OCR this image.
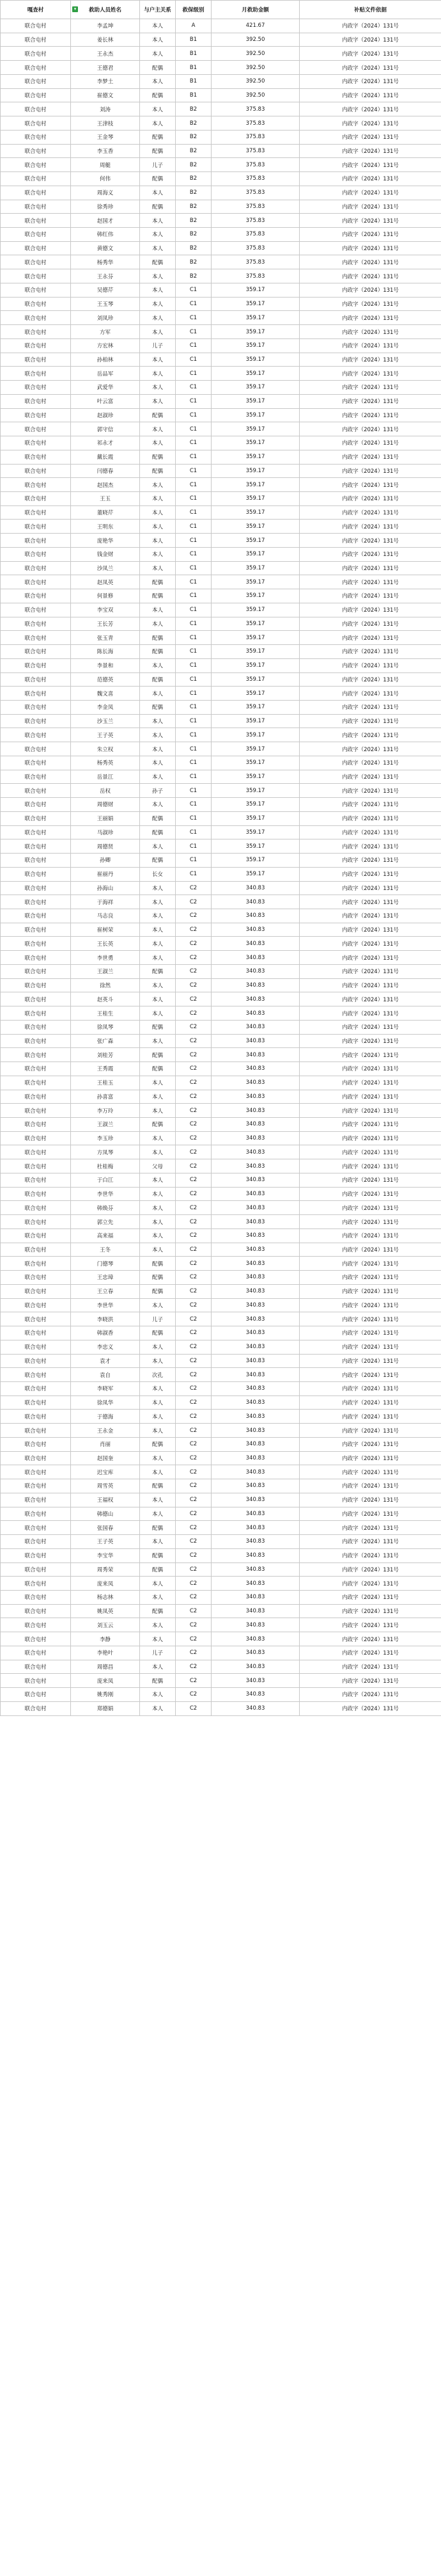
嘎查村	▾ 救助人员姓名	与户主关系	救保级别	月救助金额	补贴文件依据
联合屯村	李孟坤	本人	A	421.67	内政字（2024）131号
联合屯村	姜长林	本人	B1	392.50	内政字（2024）131号
联合屯村	王永杰	本人	B1	392.50	内政字（2024）131号
联合屯村	王德君	配偶	B1	392.50	内政字（2024）131号
联合屯村	李梦土	本人	B1	392.50	内政字（2024）131号
联合屯村	崔德文	配偶	B1	392.50	内政字（2024）131号
联合屯村	刘涛	本人	B2	375.83	内政字（2024）131号
联合屯村	王津枝	本人	B2	375.83	内政字（2024）131号
联合屯村	王金琴	配偶	B2	375.83	内政字（2024）131号
联合屯村	李玉香	配偶	B2	375.83	内政字（2024）131号
联合屯村	周艇	儿子	B2	375.83	内政字（2024）131号
联合屯村	何伟	配偶	B2	375.83	内政字（2024）131号
联合屯村	周海义	本人	B2	375.83	内政字（2024）131号
联合屯村	徐秀珍	配偶	B2	375.83	内政字（2024）131号
联合屯村	赵国才	本人	B2	375.83	内政字（2024）131号
联合屯村	韩红伟	本人	B2	375.83	内政字（2024）131号
联合屯村	黄德文	本人	B2	375.83	内政字（2024）131号
联合屯村	杨秀华	配偶	B2	375.83	内政字（2024）131号
联合屯村	王永芬	本人	B2	375.83	内政字（2024）131号
联合屯村	吴德芹	本人	C1	359.17	内政字（2024）131号
联合屯村	王玉琴	本人	C1	359.17	内政字（2024）131号
联合屯村	刘凤珍	本人	C1	359.17	内政字（2024）131号
联合屯村	方军	本人	C1	359.17	内政字（2024）131号
联合屯村	方宏林	儿子	C1	359.17	内政字（2024）131号
联合屯村	孙柏林	本人	C1	359.17	内政字（2024）131号
联合屯村	岳品军	本人	C1	359.17	内政字（2024）131号
联合屯村	武爱华	本人	C1	359.17	内政字（2024）131号
联合屯村	叶云富	本人	C1	359.17	内政字（2024）131号
联合屯村	赵淑珍	配偶	C1	359.17	内政字（2024）131号
联合屯村	郭守信	本人	C1	359.17	内政字（2024）131号
联合屯村	祁永才	本人	C1	359.17	内政字（2024）131号
联合屯村	戴长霞	配偶	C1	359.17	内政字（2024）131号
联合屯村	闫德春	配偶	C1	359.17	内政字（2024）131号
联合屯村	赵国杰	本人	C1	359.17	内政字（2024）131号
联合屯村	王玉	本人	C1	359.17	内政字（2024）131号
联合屯村	董晓芹	本人	C1	359.17	内政字（2024）131号
联合屯村	王明东	本人	C1	359.17	内政字（2024）131号
联合屯村	庞艳华	本人	C1	359.17	内政字（2024）131号
联合屯村	钱金财	本人	C1	359.17	内政字（2024）131号
联合屯村	沙凤兰	本人	C1	359.17	内政字（2024）131号
联合屯村	赵凤英	配偶	C1	359.17	内政字（2024）131号
联合屯村	何景修	配偶	C1	359.17	内政字（2024）131号
联合屯村	李宝双	本人	C1	359.17	内政字（2024）131号
联合屯村	王长芳	本人	C1	359.17	内政字（2024）131号
联合屯村	张玉青	配偶	C1	359.17	内政字（2024）131号
联合屯村	陈长海	配偶	C1	359.17	内政字（2024）131号
联合屯村	李景和	本人	C1	359.17	内政字（2024）131号
联合屯村	范德英	配偶	C1	359.17	内政字（2024）131号
联合屯村	魏文喜	本人	C1	359.17	内政字（2024）131号
联合屯村	李金凤	配偶	C1	359.17	内政字（2024）131号
联合屯村	沙玉兰	本人	C1	359.17	内政字（2024）131号
联合屯村	王子英	本人	C1	359.17	内政字（2024）131号
联合屯村	朱立权	本人	C1	359.17	内政字（2024）131号
联合屯村	杨秀英	本人	C1	359.17	内政字（2024）131号
联合屯村	岳景江	本人	C1	359.17	内政字（2024）131号
联合屯村	岳权	孙子	C1	359.17	内政字（2024）131号
联合屯村	周德财	本人	C1	359.17	内政字（2024）131号
联合屯村	王丽娟	配偶	C1	359.17	内政字（2024）131号
联合屯村	马淑珍	配偶	C1	359.17	内政字（2024）131号
联合屯村	周德贤	本人	C1	359.17	内政字（2024）131号
联合屯村	孙卿	配偶	C1	359.17	内政字（2024）131号
联合屯村	崔丽丹	长女	C1	359.17	内政字（2024）131号
联合屯村	孙海山	本人	C2	340.83	内政字（2024）131号
联合屯村	于海祥	本人	C2	340.83	内政字（2024）131号
联合屯村	马志良	本人	C2	340.83	内政字（2024）131号
联合屯村	崔树荣	本人	C2	340.83	内政字（2024）131号
联合屯村	王长英	本人	C2	340.83	内政字（2024）131号
联合屯村	李世勇	本人	C2	340.83	内政字（2024）131号
联合屯村	王淑兰	配偶	C2	340.83	内政字（2024）131号
联合屯村	徐然	本人	C2	340.83	内政字（2024）131号
联合屯村	赵英斗	本人	C2	340.83	内政字（2024）131号
联合屯村	王桂生	本人	C2	340.83	内政字（2024）131号
联合屯村	徐凤琴	配偶	C2	340.83	内政字（2024）131号
联合屯村	张广森	本人	C2	340.83	内政字（2024）131号
联合屯村	刘桂芳	配偶	C2	340.83	内政字（2024）131号
联合屯村	王秀霞	配偶	C2	340.83	内政字（2024）131号
联合屯村	王桂玉	本人	C2	340.83	内政字（2024）131号
联合屯村	孙喜富	本人	C2	340.83	内政字（2024）131号
联合屯村	李万玲	本人	C2	340.83	内政字（2024）131号
联合屯村	王淑兰	配偶	C2	340.83	内政字（2024）131号
联合屯村	李玉珍	本人	C2	340.83	内政字（2024）131号
联合屯村	方凤琴	本人	C2	340.83	内政字（2024）131号
联合屯村	杜桂梅	父母	C2	340.83	内政字（2024）131号
联合屯村	于白江	本人	C2	340.83	内政字（2024）131号
联合屯村	李世华	本人	C2	340.83	内政字（2024）131号
联合屯村	韩焕芬	本人	C2	340.83	内政字（2024）131号
联合屯村	郭立先	本人	C2	340.83	内政字（2024）131号
联合屯村	高来福	本人	C2	340.83	内政字（2024）131号
联合屯村	王冬	本人	C2	340.83	内政字（2024）131号
联合屯村	门德琴	配偶	C2	340.83	内政字（2024）131号
联合屯村	王忠璋	配偶	C2	340.83	内政字（2024）131号
联合屯村	王立春	配偶	C2	340.83	内政字（2024）131号
联合屯村	李世华	本人	C2	340.83	内政字（2024）131号
联合屯村	李晓洪	儿子	C2	340.83	内政字（2024）131号
联合屯村	韩淑香	配偶	C2	340.83	内政字（2024）131号
联合屯村	李忠义	本人	C2	340.83	内政字（2024）131号
联合屯村	袁才	本人	C2	340.83	内政字（2024）131号
联合屯村	袁自	次孔	C2	340.83	内政字（2024）131号
联合屯村	李晓军	本人	C2	340.83	内政字（2024）131号
联合屯村	徐凤华	本人	C2	340.83	内政字（2024）131号
联合屯村	于德海	本人	C2	340.83	内政字（2024）131号
联合屯村	王永金	本人	C2	340.83	内政字（2024）131号
联合屯村	肖丽	配偶	C2	340.83	内政字（2024）131号
联合屯村	赵国奎	本人	C2	340.83	内政字（2024）131号
联合屯村	迟宝库	本人	C2	340.83	内政字（2024）131号
联合屯村	周雪英	配偶	C2	340.83	内政字（2024）131号
联合屯村	王福权	本人	C2	340.83	内政字（2024）131号
联合屯村	韩德山	本人	C2	340.83	内政字（2024）131号
联合屯村	张国春	配偶	C2	340.83	内政字（2024）131号
联合屯村	王子英	本人	C2	340.83	内政字（2024）131号
联合屯村	李宝华	配偶	C2	340.83	内政字（2024）131号
联合屯村	周秀荣	配偶	C2	340.83	内政字（2024）131号
联合屯村	庞来凤	本人	C2	340.83	内政字（2024）131号
联合屯村	杨志林	本人	C2	340.83	内政字（2024）131号
联合屯村	姚凤英	配偶	C2	340.83	内政字（2024）131号
联合屯村	刘玉云	本人	C2	340.83	内政字（2024）131号
联合屯村	李静	本人	C2	340.83	内政字（2024）131号
联合屯村	李艳叶	儿子	C2	340.83	内政字（2024）131号
联合屯村	周德昌	本人	C2	340.83	内政字（2024）131号
联合屯村	庞来凤	配偶	C2	340.83	内政字（2024）131号
联合屯村	姚秀刚	本人	C2	340.83	内政字（2024）131号
联合屯村	郑德娟	本人	C2	340.83	内政字（2024）131号
